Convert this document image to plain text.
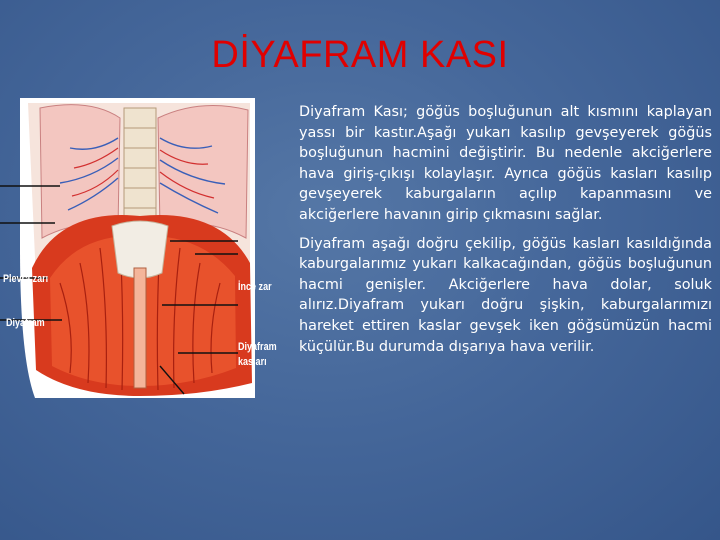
DİYAFRAM KASI
Plevra zarı
Diyafram
İnce zar
Diyafram
kasları

Diyafram Kası; göğüs boşluğunun alt kısmını kaplayan yassı bir kastır.Aşağı yukarı kasılıp gevşeyerek göğüs boşluğunun hacmini değiştirir. Bu nedenle akciğerlere hava giriş-çıkışı kolaylaşır. Ayrıca göğüs kasları kasılıp gevşeyerek kaburgaların açılıp kapanmasını ve akciğerlere havanın girip çıkmasını sağlar.

Diyafram aşağı doğru çekilip, göğüs kasları kasıldığında kaburgalarımız yukarı kalkacağından, göğüs boşluğunun hacmi genişler. Akciğerlere hava dolar, soluk alırız.Diyafram yukarı doğru şişkin, kaburgalarımızı hareket ettiren kaslar gevşek iken göğsümüzün hacmi küçülür.Bu durumda dışarıya hava verilir.
